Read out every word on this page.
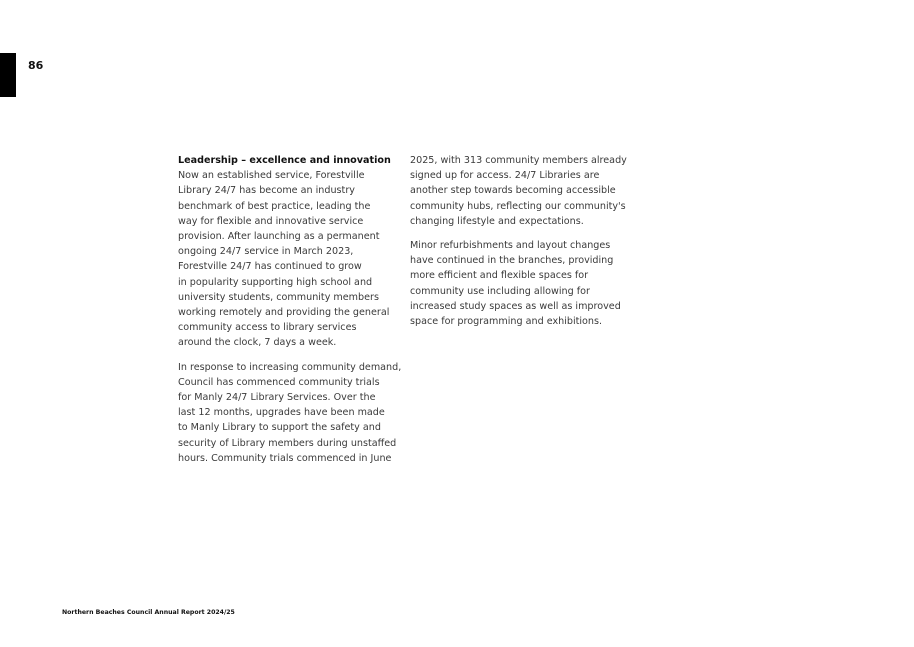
86

Leadership – excellence and innovation
Now an established service, Forestville
Library 24/7 has become an industry
benchmark of best practice, leading the
way for flexible and innovative service
provision. After launching as a permanent
ongoing 24/7 service in March 2023,
Forestville 24/7 has continued to grow
in popularity supporting high school and
university students, community members
working remotely and providing the general
community access to library services
around the clock, 7 days a week.

In response to increasing community demand,
Council has commenced community trials
for Manly 24/7 Library Services. Over the
last 12 months, upgrades have been made
to Manly Library to support the safety and
security of Library members during unstaffed
hours. Community trials commenced in June

2025, with 313 community members already
signed up for access. 24/7 Libraries are
another step towards becoming accessible
community hubs, reflecting our community's
changing lifestyle and expectations.

Minor refurbishments and layout changes
have continued in the branches, providing
more efficient and flexible spaces for
community use including allowing for
increased study spaces as well as improved
space for programming and exhibitions.

Northern Beaches Council Annual Report 2024/25
